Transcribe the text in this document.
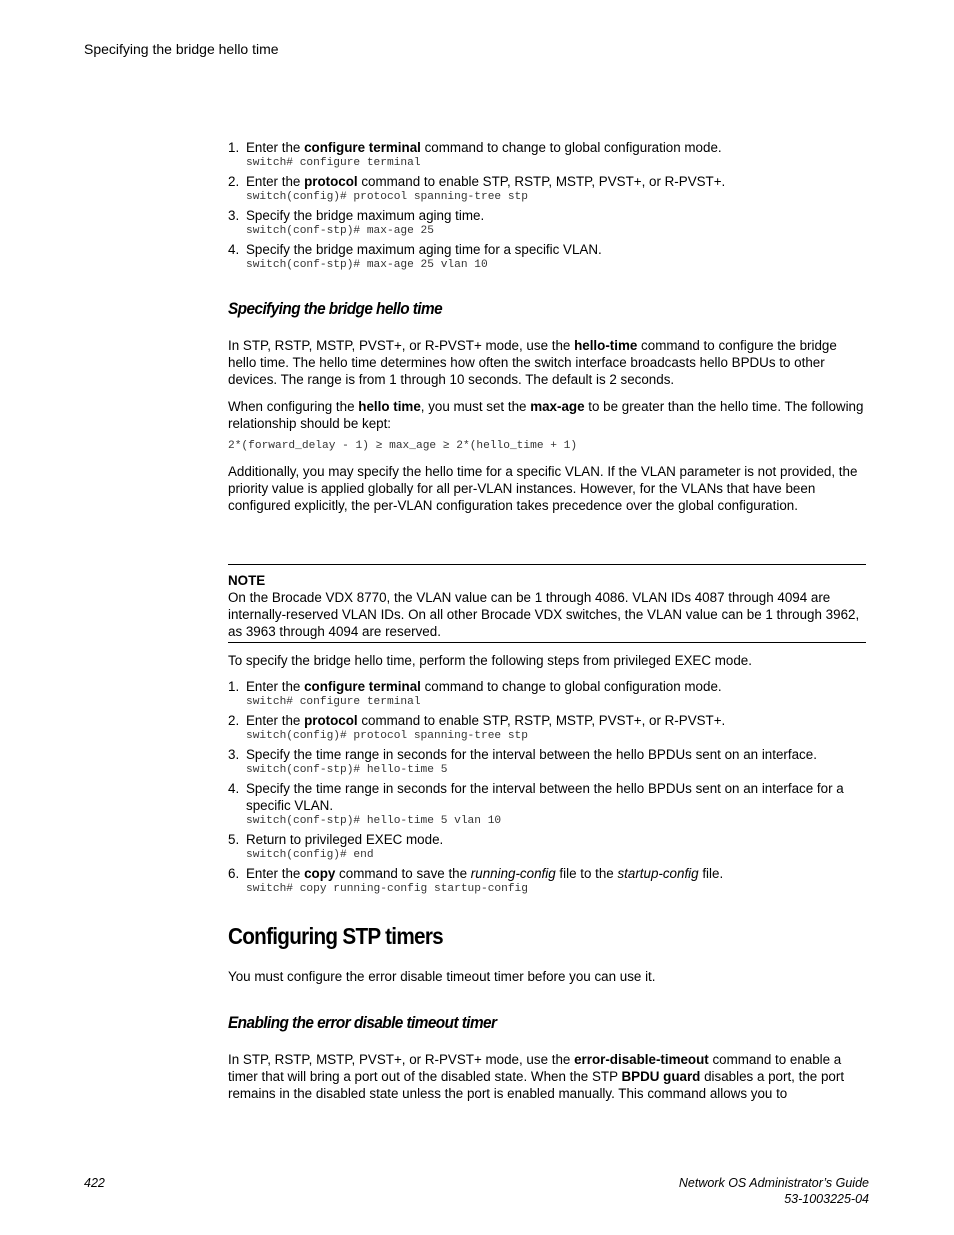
Specifying the bridge hello time
1. Enter the configure terminal command to change to global configuration mode.
switch# configure terminal
2. Enter the protocol command to enable STP, RSTP, MSTP, PVST+, or R-PVST+.
switch(config)# protocol spanning-tree stp
3. Specify the bridge maximum aging time.
switch(conf-stp)# max-age 25
4. Specify the bridge maximum aging time for a specific VLAN.
switch(conf-stp)# max-age 25 vlan 10
Specifying the bridge hello time
In STP, RSTP, MSTP, PVST+, or R-PVST+ mode, use the hello-time command to configure the bridge hello time. The hello time determines how often the switch interface broadcasts hello BPDUs to other devices. The range is from 1 through 10 seconds. The default is 2 seconds.
When configuring the hello time, you must set the max-age to be greater than the hello time. The following relationship should be kept:
2*(forward_delay - 1) ≥ max_age ≥ 2*(hello_time + 1)
Additionally, you may specify the hello time for a specific VLAN. If the VLAN parameter is not provided, the priority value is applied globally for all per-VLAN instances. However, for the VLANs that have been configured explicitly, the per-VLAN configuration takes precedence over the global configuration.
NOTE
On the Brocade VDX 8770, the VLAN value can be 1 through 4086. VLAN IDs 4087 through 4094 are internally-reserved VLAN IDs. On all other Brocade VDX switches, the VLAN value can be 1 through 3962, as 3963 through 4094 are reserved.
To specify the bridge hello time, perform the following steps from privileged EXEC mode.
1. Enter the configure terminal command to change to global configuration mode.
switch# configure terminal
2. Enter the protocol command to enable STP, RSTP, MSTP, PVST+, or R-PVST+.
switch(config)# protocol spanning-tree stp
3. Specify the time range in seconds for the interval between the hello BPDUs sent on an interface.
switch(conf-stp)# hello-time 5
4. Specify the time range in seconds for the interval between the hello BPDUs sent on an interface for a specific VLAN.
switch(conf-stp)# hello-time 5 vlan 10
5. Return to privileged EXEC mode.
switch(config)# end
6. Enter the copy command to save the running-config file to the startup-config file.
switch# copy running-config startup-config
Configuring STP timers
You must configure the error disable timeout timer before you can use it.
Enabling the error disable timeout timer
In STP, RSTP, MSTP, PVST+, or R-PVST+ mode, use the error-disable-timeout command to enable a timer that will bring a port out of the disabled state. When the STP BPDU guard disables a port, the port remains in the disabled state unless the port is enabled manually. This command allows you to
422	Network OS Administrator’s Guide
53-1003225-04
